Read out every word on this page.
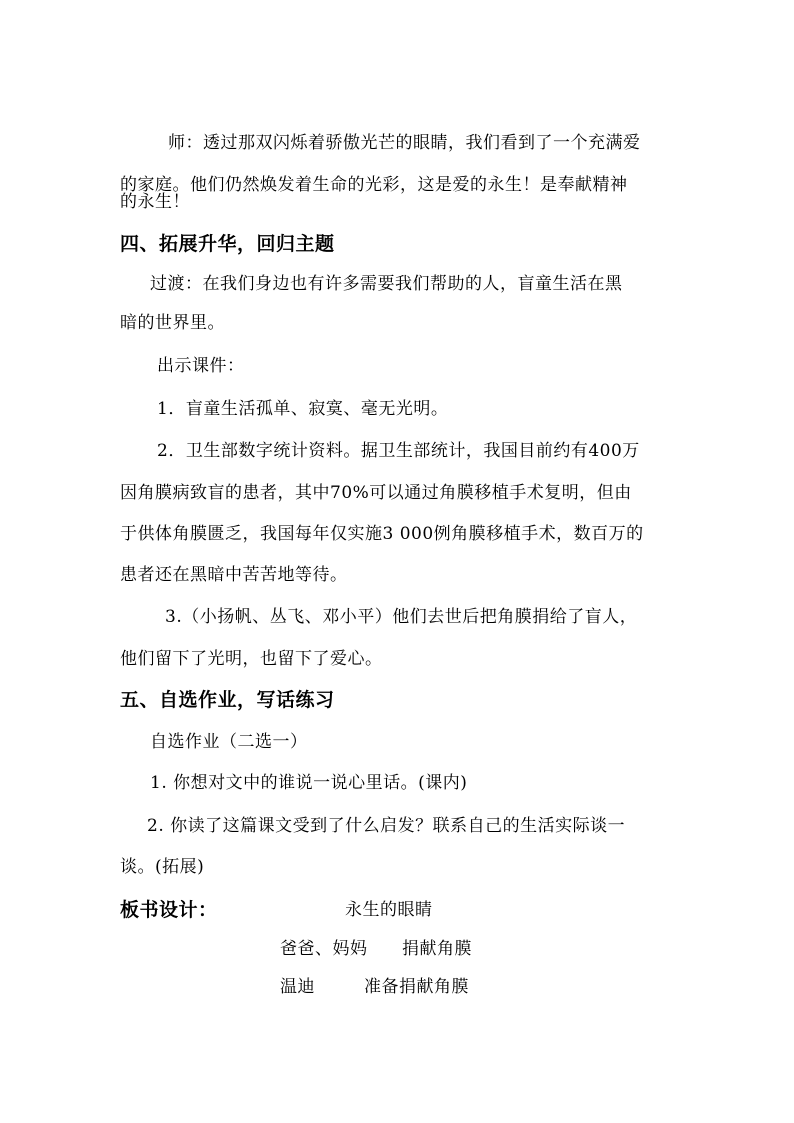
师：透过那双闪烁着骄傲光芒的眼睛，我们看到了一个充满爱
的家庭。他们仍然焕发着生命的光彩，这是爱的永生！是奉献精神
的永生！
四、拓展升华，回归主题
过渡：在我们身边也有许多需要我们帮助的人，盲童生活在黑
暗的世界里。
出示课件：
1．盲童生活孤单、寂寞、毫无光明。
2．卫生部数字统计资料。据卫生部统计，我国目前约有400万
因角膜病致盲的患者，其中70%可以通过角膜移植手术复明，但由
于供体角膜匮乏，我国每年仅实施3 000例角膜移植手术，数百万的
患者还在黑暗中苦苦地等待。
3.（小扬帆、丛飞、邓小平）他们去世后把角膜捐给了盲人，
他们留下了光明，也留下了爱心。
五、自选作业，写话练习
自选作业（二选一）
1. 你想对文中的谁说一说心里话。(课内)
2. 你读了这篇课文受到了什么启发？联系自己的生活实际谈一
谈。(拓展)
板书设计：	永生的眼睛
爸爸、妈妈 捐献角膜
温迪	准备捐献角膜
